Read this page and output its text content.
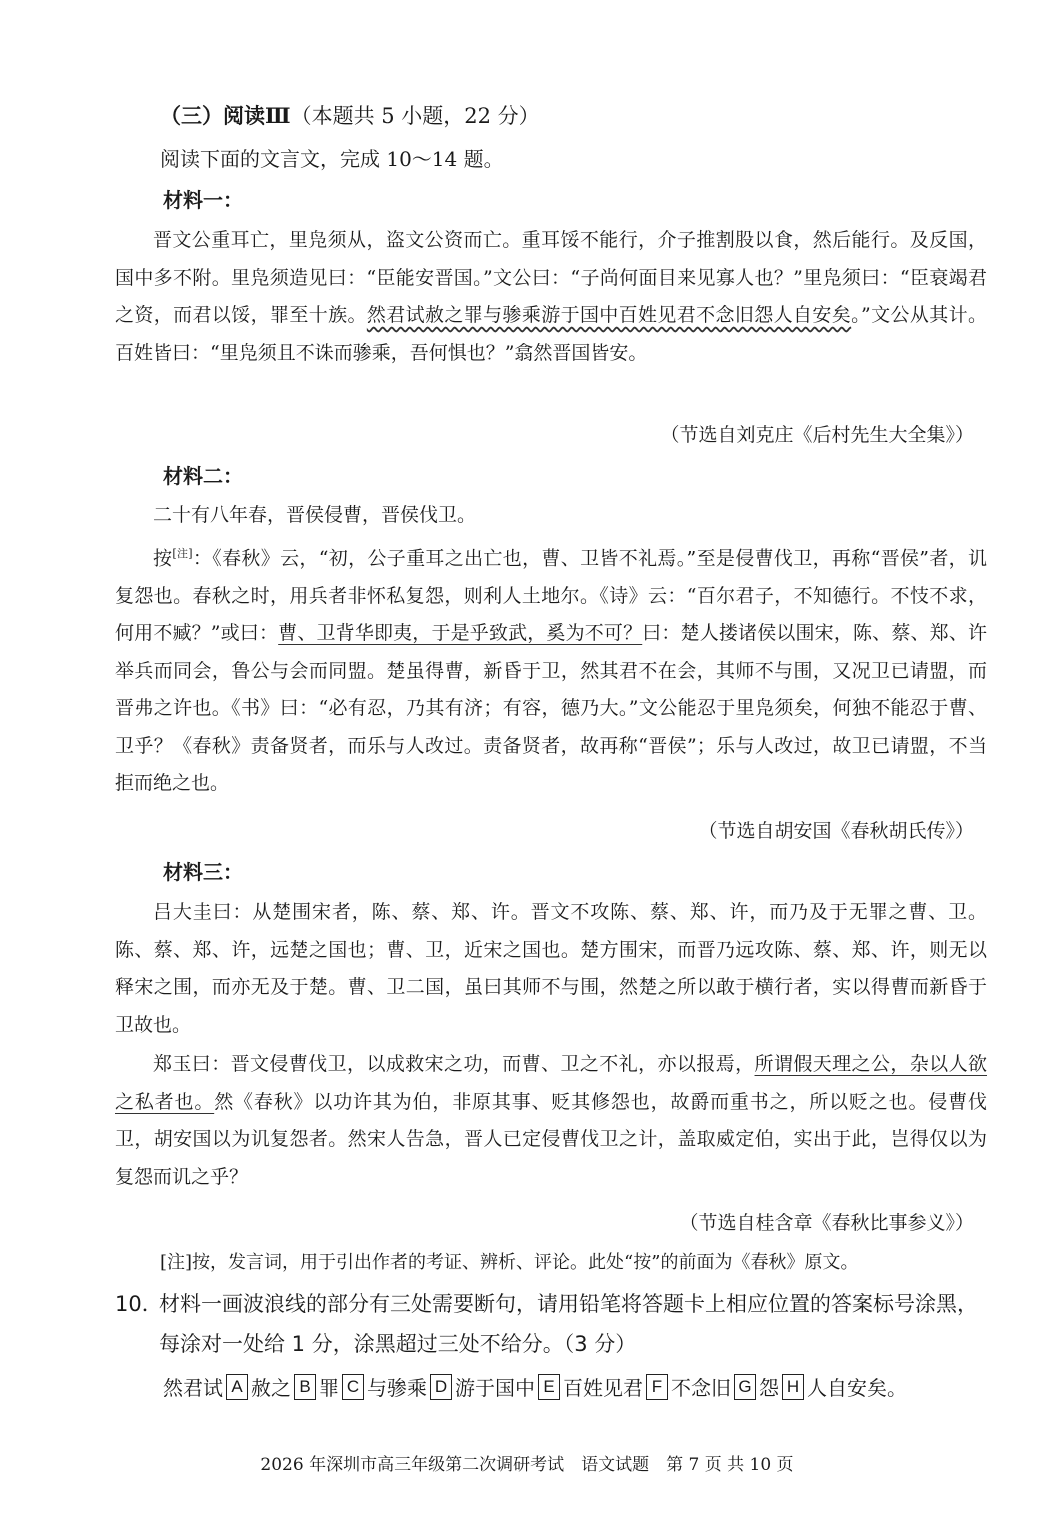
（三）阅读Ⅲ（本题共 5 小题，22 分）
阅读下面的文言文，完成 10～14 题。
材料一：

晋文公重耳亡，里凫须从，盗文公资而亡。重耳馁不能行，介子推割股以食，然后能行。及反国，国中多不附。里凫须造见曰：“臣能安晋国。”文公曰：“子尚何面目来见寡人也？”里凫须曰：“臣衰竭君之资，而君以馁，罪至十族。然君试赦之罪与骖乘游于国中百姓见君不念旧怨人自安矣。”文公从其计。百姓皆曰：“里凫须且不诛而骖乘，吾何惧也？”翕然晋国皆安。

（节选自刘克庄《后村先生大全集》）
材料二：

二十有八年春，晋侯侵曹，晋侯伐卫。

按[注]：《春秋》云，“初，公子重耳之出亡也，曹、卫皆不礼焉。”至是侵曹伐卫，再称“晋侯”者，讥复怨也。春秋之时，用兵者非怀私复怨，则利人土地尔。《诗》云：“百尔君子，不知德行。不忮不求，何用不臧？”或曰：曹、卫背华即夷，于是乎致武，奚为不可？曰：楚人搂诸侯以围宋，陈、蔡、郑、许举兵而同会，鲁公与会而同盟。楚虽得曹，新昏于卫，然其君不在会，其师不与围，又况卫已请盟，而晋弗之许也。《书》曰：“必有忍，乃其有济；有容，德乃大。”文公能忍于里凫须矣，何独不能忍于曹、卫乎？《春秋》责备贤者，而乐与人改过。责备贤者，故再称“晋侯”；乐与人改过，故卫已请盟，不当拒而绝之也。

（节选自胡安国《春秋胡氏传》）
材料三：

吕大圭曰：从楚围宋者，陈、蔡、郑、许。晋文不攻陈、蔡、郑、许，而乃及于无罪之曹、卫。陈、蔡、郑、许，远楚之国也；曹、卫，近宋之国也。楚方围宋，而晋乃远攻陈、蔡、郑、许，则无以释宋之围，而亦无及于楚。曹、卫二国，虽曰其师不与围，然楚之所以敢于横行者，实以得曹而新昏于卫故也。

郑玉曰：晋文侵曹伐卫，以成救宋之功，而曹、卫之不礼，亦以报焉，所谓假天理之公，杂以人欲之私者也。然《春秋》以功许其为伯，非原其事、贬其修怨也，故爵而重书之，所以贬之也。侵曹伐卫，胡安国以为讥复怨者。然宋人告急，晋人已定侵曹伐卫之计，盖取威定伯，实出于此，岂得仅以为复怨而讥之乎？

（节选自桂含章《春秋比事参义》）
[注]按，发言词，用于引出作者的考证、辨析、评论。此处“按”的前面为《春秋》原文。

10．材料一画波浪线的部分有三处需要断句，请用铅笔将答题卡上相应位置的答案标号涂黑，每涂对一处给 1 分，涂黑超过三处不给分。（3 分）

然君试 A 赦之 B 罪 C 与骖乘 D 游于国中 E 百姓见君 F 不念旧 G 怨 H 人自安矣。
2026 年深圳市高三年级第二次调研考试　语文试题　第 7 页 共 10 页
